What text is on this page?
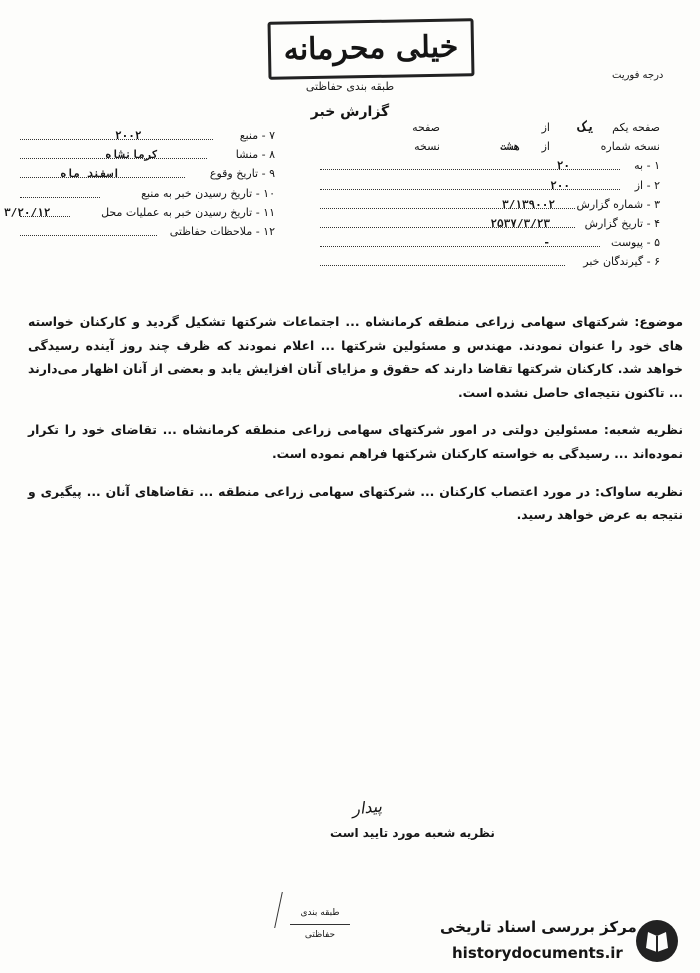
خیلی محرمانه
طبقه بندی حفاظتی
گزارش خبر
درجه فوریت
۷ - منبع
۲۰۰۲
۸ - منشا
کرمانشاه
۹ - تاریخ وقوع
اسفند ماه
۱۰ - تاریخ رسیدن خبر به منبع
۱۱ - تاریخ رسیدن خبر به عملیات محل
۳/۲۰/۱۲
۱۲ - ملاحظات حفاظتی
صفحه یکم
از یک
صفحه
نسخه شماره
از
هشت
نسخه
۱ - به
۲۰
۲ - از
۲۰۰
۳ - شماره گزارش
۳/۱۳۹۰۰۲
۴ - تاریخ گزارش
۲۵۳۷/۳/۲۳
۵ - پیوست
-
۶ - گیرندگان خبر

موضوع: شرکتهای سهامی زراعی منطقه کرمانشاه ... اجتماعات شرکتها تشکیل گردید و کارکنان خواسته های خود را عنوان نمودند. مهندس و مسئولین شرکتها ... اعلام نمودند که ظرف چند روز آینده رسیدگی خواهد شد. کارکنان شرکتها تقاضا دارند که حقوق و مزایای آنان افزایش یابد و بعضی از آنان اظهار می‌دارند ... تاکنون نتیجه‌ای حاصل نشده است.

نظریه شعبه: مسئولین دولتی در امور شرکتهای سهامی زراعی منطقه کرمانشاه ... تقاضای خود را تکرار نموده‌اند ... رسیدگی به خواسته کارکنان شرکتها فراهم نموده است.

نظریه ساواک: در مورد اعتصاب کارکنان ... شرکتهای سهامی زراعی منطقه ... تقاضاهای آنان ... پیگیری و نتیجه به عرض خواهد رسید.

پیدار
نظریه شعبه مورد تایید است
طبقه بندی حفاظتی	مرکز بررسی اسناد تاریخی
historydocuments.ir
